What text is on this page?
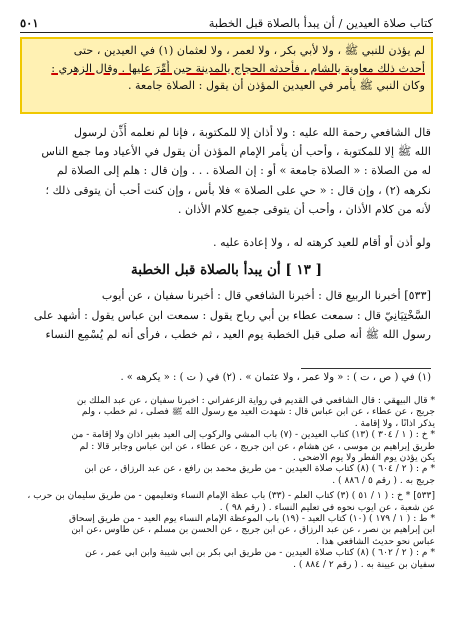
كتاب صلاة العيدين / أن يبدأ بالصلاة قبل الخطبة
٥٠١
لم يؤذن للنبي ﷺ ، ولا لأبي بكر ، ولا لعمر ، ولا لعثمان (١) في العيدين ، حتى
أحدث ذلك معاوية بالشام ، فأحدثه الحجاج بالمدينة حين أُمِّرَ عليها . وقال الزهري :
وكان النبي ﷺ يأمر في العيدين المؤذن أن يقول : الصلاة جامعة .
قال الشافعي رحمة الله عليه : ولا أذان إلا للمكتوبة ، فإنا لم نعلمه أُذِّن لرسول
الله ﷺ إلا للمكتوبة ، وأحب أن يأمر الإمام المؤذن أن يقول في الأعياد وما جمع الناس
له من الصلاة : « الصلاة جامعة » أو : إن الصلاة . . . وإن قال : هلم إلى الصلاة لم
نكرهه (٢) ، وإن قال : « حي على الصلاة » فلا بأس ، وإن كنت أحب أن يتوقى ذلك ؛
لأنه من كلام الأذان ، وأحب أن يتوقى جميع كلام الأذان .
ولو أذن أو أقام للعيد كرهته له ، ولا إعادة عليه .
[ ١٣ ] أن يبدأ بالصلاة قبل الخطبة
[٥٣٣] أخبرنا الربيع قال : أخبرنا الشافعي قال : أخبرنا سفيان ، عن أيوب
السَّخْتِيَانِيّ قال : سمعت عطاء بن أبي رباح يقول : سمعت ابن عباس يقول : أشهد على
رسول الله ﷺ أنه صلى قبل الخطبة يوم العيد ، ثم خطب ، فرأى أنه لم يُسْمِع النساء
(١) في ( ص ، ت ) : « ولا عمر ، ولا عثمان » . (٢) في ( ت ) : « يكرهه » .
* قال البيهقي : قال الشافعي في القديم في رواية الزعفراني : أخبرنا سفيان ، عن عبد الملك بن
جريج ، عن عطاء ، عن ابن عباس قال : شهدت العيد مع رسول الله ﷺ فصلى ، ثم خطب ، ولم
يذكر أذانًا ، ولا إقامة .
* خ : ( ١ / ٣٠٤ ) (١٣) كتاب العيدين - (٧) باب المشي والركوب إلى العيد بغير أذان ولا إقامة - من
طريق إبراهيم بن موسى ، عن هشام ، عن ابن جريج ، عن عطاء ، عن ابن عباس وجابر قالا : لم
يكن يؤذن يوم الفطر ولا يوم الأضحى .
* م : ( ٢ / ٦٠٤ ) (٨) كتاب صلاة العيدين - من طريق محمد بن رافع ، عن عبد الرزاق ، عن ابن
جريج به . ( رقم ٥ / ٨٨٦ ) .
[٥٣٣] * خ : ( ١ / ٥١ ) (٣) كتاب العلم - (٣٣) باب عظة الإمام النساء وتعليمهن - من طريق سليمان بن حرب ،
عن شعبة ، عن أيوب نحوه في تعليم النساء . ( رقم ٩٨ ) .
* ط : ( ١ / ١٧٩ ) (١٠) كتاب العيد - (١٩) باب الموعظة الإمام النساء يوم العيد - من طريق إسحاق
ابن إبراهيم بن نصر ، عن عبد الرزاق ، عن ابن جريج ، عن الحسن بن مسلم ، عن طاوس ،عن ابن
عباس نحو حديث الشافعي هذا .
* م : ( ٢ / ٦٠٢ ) (٨) كتاب صلاة العيدين - من طريق أبي بكر بن أبي شيبة وابن أبي عمر ، عن
سفيان بن عيينة به . ( رقم ٢ / ٨٨٤ ) .
